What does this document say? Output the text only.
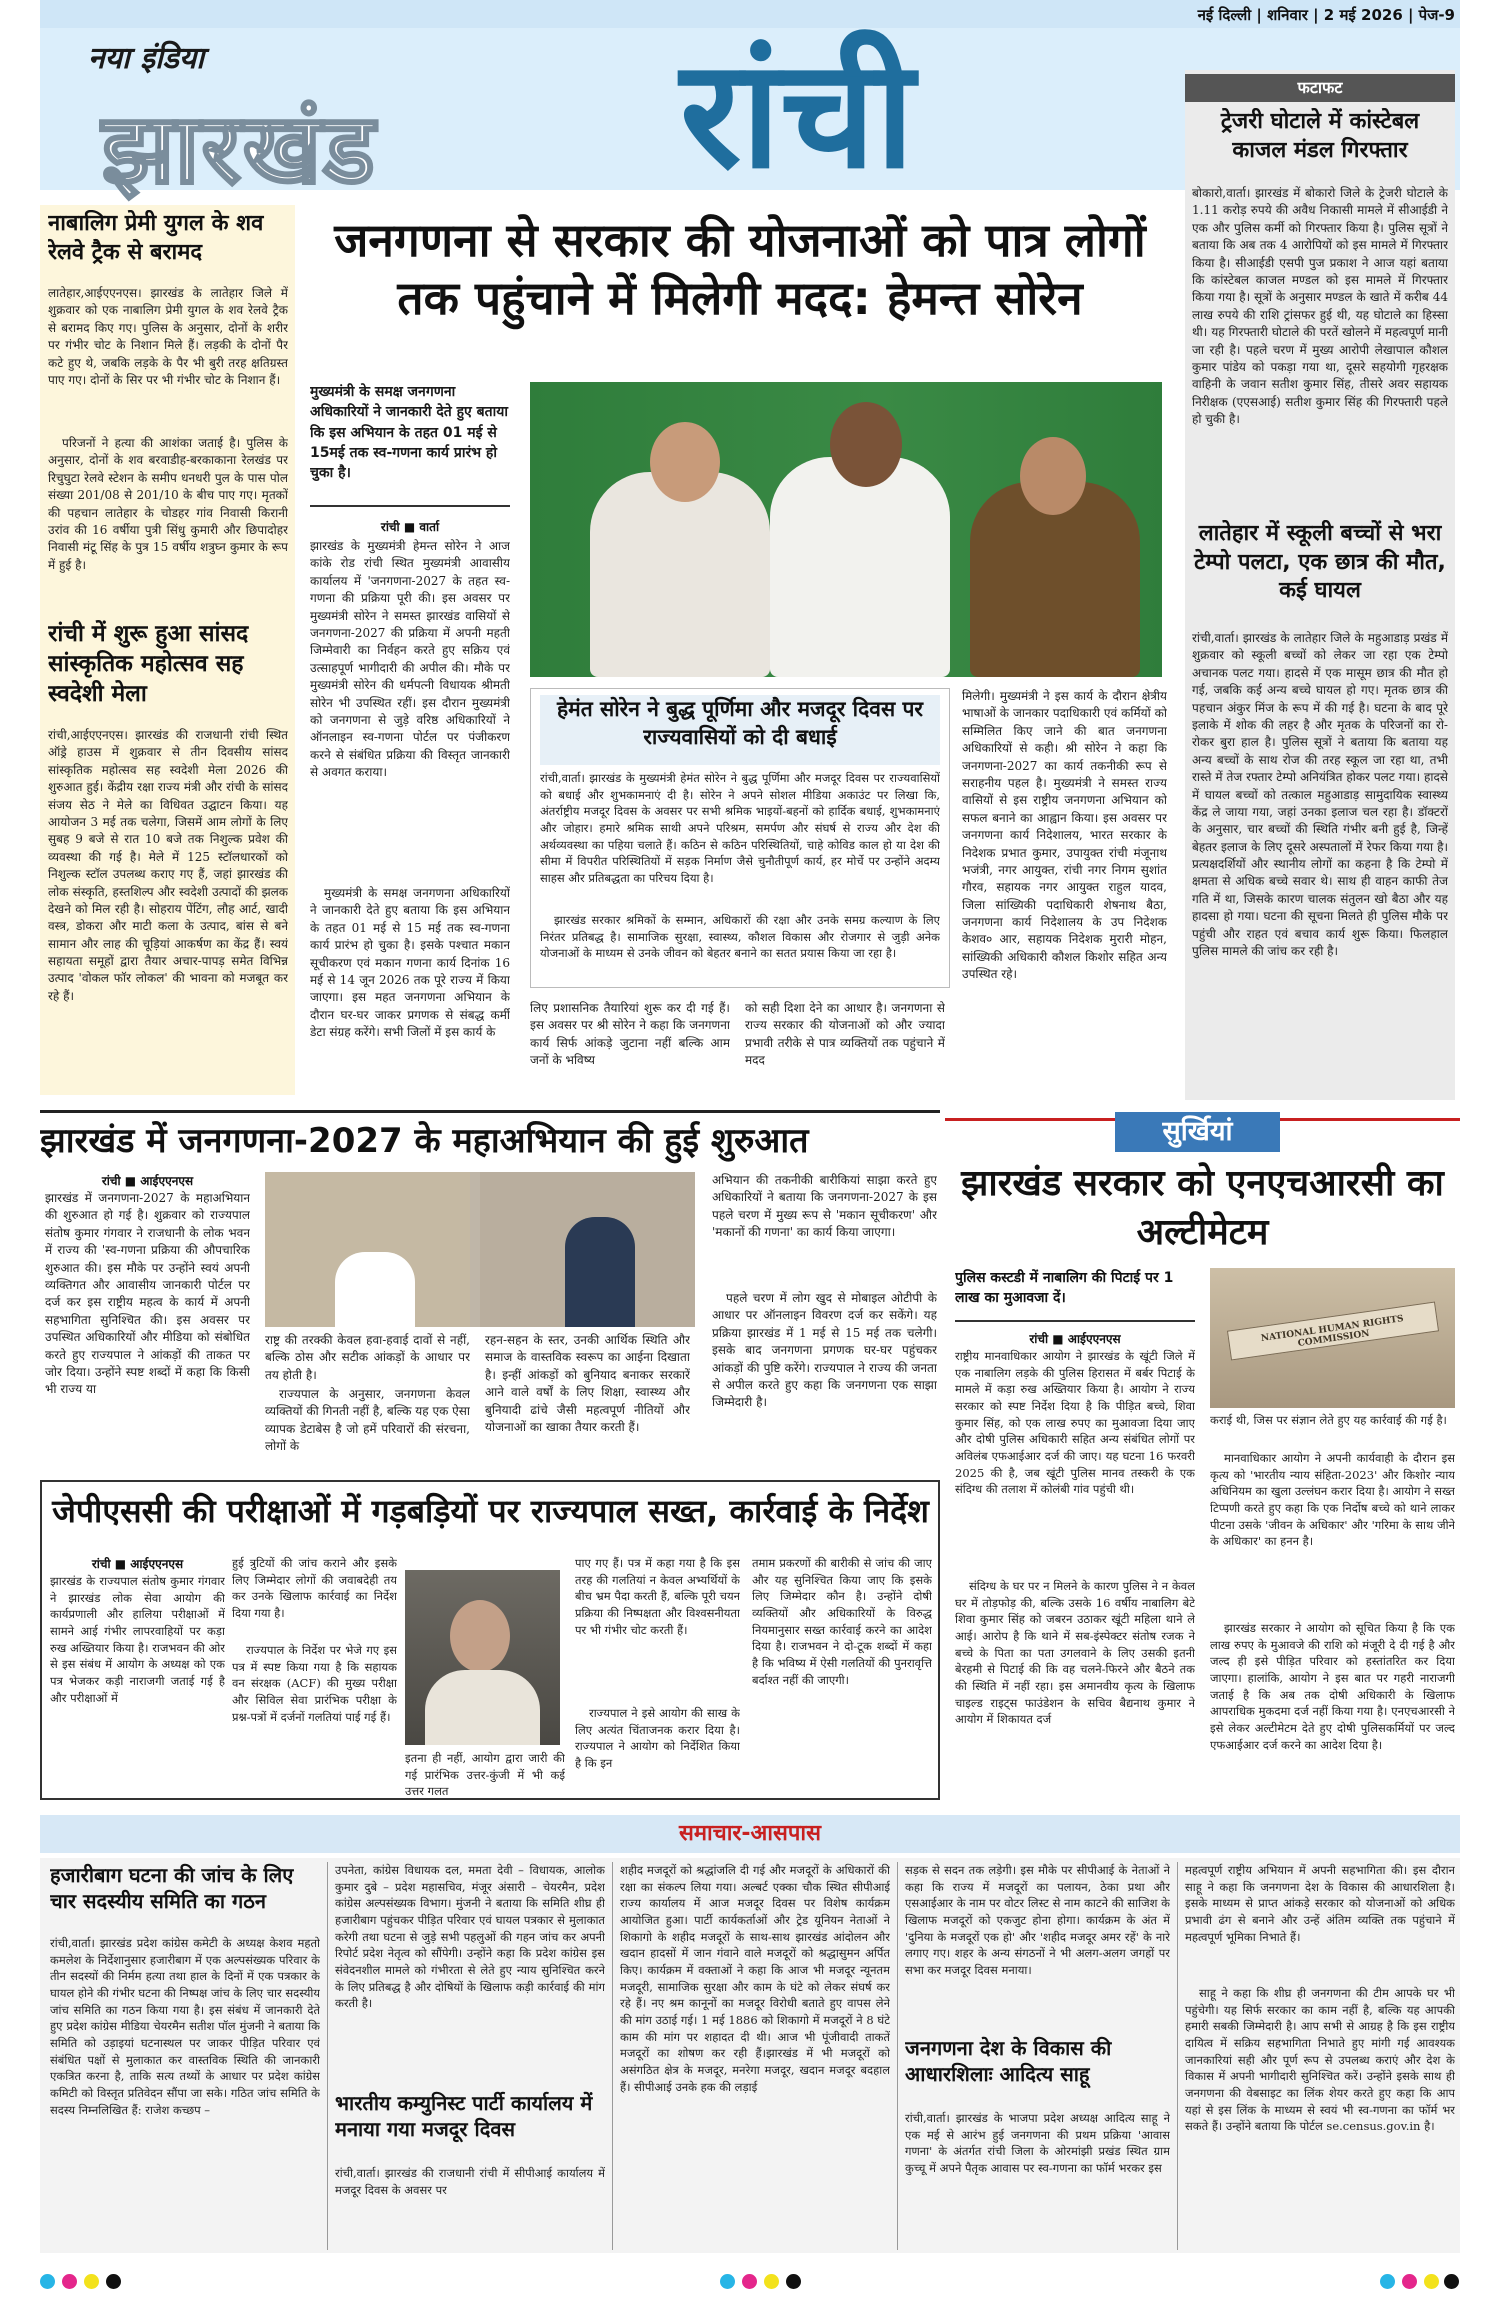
नई दिल्ली | शनिवार | 2 मई 2026 | पेज-9
नया इंडिया
झारखंड रांची	फटाफट
ट्रेजरी घोटाले में कांस्टेबल काजल मंडल गिरफ्तार
बोकारो,वार्ता। झारखंड में बोकारो जिले के ट्रेजरी घोटाले के 1.11 करोड़ रुपये की अवैध निकासी मामले में सीआईडी ने एक और पुलिस कर्मी को गिरफ्तार किया है। पुलिस सूत्रों ने बताया कि अब तक 4 आरोपियों को इस मामले में गिरफ्तार किया है। सीआईडी एसपी पुज प्रकाश ने आज यहां बताया कि कांस्टेबल काजल मण्डल को इस मामले में गिरफ्तार किया गया है। सूत्रों के अनुसार मण्डल के खाते में करीब 44 लाख रुपये की राशि ट्रांसफर हुई थी, यह घोटाले का हिस्सा थी। यह गिरफ्तारी घोटाले की परतें खोलने में महत्वपूर्ण मानी जा रही है। पहले चरण में मुख्य आरोपी लेखापाल कौशल कुमार पांडेय को पकड़ा गया था, दूसरे सहयोगी गृहरक्षक वाहिनी के जवान सतीश कुमार सिंह, तीसरे अवर सहायक निरीक्षक (एएसआई) सतीश कुमार सिंह की गिरफ्तारी पहले हो चुकी है।
लातेहार में स्कूली बच्चों से भरा टेम्पो पलटा, एक छात्र की मौत, कई घायल
रांची,वार्ता। झारखंड के लातेहार जिले के महुआडाड़ प्रखंड में शुक्रवार को स्कूली बच्चों को लेकर जा रहा एक टेम्पो अचानक पलट गया। हादसे में एक मासूम छात्र की मौत हो गई, जबकि कई अन्य बच्चे घायल हो गए। मृतक छात्र की पहचान अंकुर मिंज के रूप में की गई है। घटना के बाद पूरे इलाके में शोक की लहर है और मृतक के परिजनों का रो-रोकर बुरा हाल है। पुलिस सूत्रों ने बताया कि बताया यह अन्य बच्चों के साथ रोज की तरह स्कूल जा रहा था, तभी रास्ते में तेज रफ्तार टेम्पो अनियंत्रित होकर पलट गया। हादसे में घायल बच्चों को तत्काल महुआडाड़ सामुदायिक स्वास्थ्य केंद्र ले जाया गया, जहां उनका इलाज चल रहा है। डॉक्टरों के अनुसार, चार बच्चों की स्थिति गंभीर बनी हुई है, जिन्हें बेहतर इलाज के लिए दूसरे अस्पतालों में रेफर किया गया है। प्रत्यक्षदर्शियों और स्थानीय लोगों का कहना है कि टेम्पो में क्षमता से अधिक बच्चे सवार थे। साथ ही वाहन काफी तेज गति में था, जिसके कारण चालक संतुलन खो बैठा और यह हादसा हो गया। घटना की सूचना मिलते ही पुलिस मौके पर पहुंची और राहत एवं बचाव कार्य शुरू किया। फिलहाल पुलिस मामले की जांच कर रही है।
नाबालिग प्रेमी युगल के शव रेलवे ट्रैक से बरामद
लातेहार,आईएएनएस। झारखंड के लातेहार जिले में शुक्रवार को एक नाबालिग प्रेमी युगल के शव रेलवे ट्रैक से बरामद किए गए। पुलिस के अनुसार, दोनों के शरीर पर गंभीर चोट के निशान मिले हैं। लड़की के दोनों पैर कटे हुए थे, जबकि लड़के के पैर भी बुरी तरह क्षतिग्रस्त पाए गए। दोनों के सिर पर भी गंभीर चोट के निशान हैं।
परिजनों ने हत्या की आशंका जताई है। पुलिस के अनुसार, दोनों के शव बरवाडीह-बरकाकाना रेलखंड पर रिचुघुटा रेलवे स्टेशन के समीप धनधरी पुल के पास पोल संख्या 201/08 से 201/10 के बीच पाए गए। मृतकों की पहचान लातेहार के चोडहर गांव निवासी किरानी उरांव की 16 वर्षीया पुत्री सिंधु कुमारी और छिपादोहर निवासी मंटू सिंह के पुत्र 15 वर्षीय शत्रुघ्न कुमार के रूप में हुई है।
रांची में शुरू हुआ सांसद सांस्कृतिक महोत्सव सह स्वदेशी मेला
रांची,आईएएनएस। झारखंड की राजधानी रांची स्थित ऑड्रे हाउस में शुक्रवार से तीन दिवसीय सांसद सांस्कृतिक महोत्सव सह स्वदेशी मेला 2026 की शुरुआत हुई। केंद्रीय रक्षा राज्य मंत्री और रांची के सांसद संजय सेठ ने मेले का विधिवत उद्घाटन किया। यह आयोजन 3 मई तक चलेगा, जिसमें आम लोगों के लिए सुबह 9 बजे से रात 10 बजे तक निशुल्क प्रवेश की व्यवस्था की गई है। मेले में 125 स्टॉलधारकों को निशुल्क स्टॉल उपलब्ध कराए गए हैं, जहां झारखंड की लोक संस्कृति, हस्तशिल्प और स्वदेशी उत्पादों की झलक देखने को मिल रही है। सोहराय पेंटिंग, लौह आर्ट, खादी वस्त्र, डोकरा और माटी कला के उत्पाद, बांस से बने सामान और लाह की चूड़ियां आकर्षण का केंद्र हैं। स्वयं सहायता समूहों द्वारा तैयार अचार-पापड़ समेत विभिन्न उत्पाद 'वोकल फॉर लोकल' की भावना को मजबूत कर रहे हैं।
जनगणना से सरकार की योजनाओं को पात्र लोगों तक पहुंचाने में मिलेगी मदद: हेमन्त सोरेन
मुख्यमंत्री के समक्ष जनगणना अधिकारियों ने जानकारी देते हुए बताया कि इस अभियान के तहत 01 मई से 15मई तक स्व-गणना कार्य प्रारंभ हो चुका है।
रांची ■ वार्ता
झारखंड के मुख्यमंत्री हेमन्त सोरेन ने आज कांके रोड रांची स्थित मुख्यमंत्री आवासीय कार्यालय में 'जनगणना-2027 के तहत स्व-गणना की प्रक्रिया पूरी की। इस अवसर पर मुख्यमंत्री सोरेन ने समस्त झारखंड वासियों से जनगणना-2027 की प्रक्रिया में अपनी महती जिम्मेवारी का निर्वहन करते हुए सक्रिय एवं उत्साहपूर्ण भागीदारी की अपील की। मौके पर मुख्यमंत्री सोरेन की धर्मपत्नी विधायक श्रीमती सोरेन भी उपस्थित रहीं। इस दौरान मुख्यमंत्री को जनगणना से जुड़े वरिष्ठ अधिकारियों ने ऑनलाइन स्व-गणना पोर्टल पर पंजीकरण करने से संबंधित प्रक्रिया की विस्तृत जानकारी से अवगत कराया।
मुख्यमंत्री के समक्ष जनगणना अधिकारियों ने जानकारी देते हुए बताया कि इस अभियान के तहत 01 मई से 15 मई तक स्व-गणना कार्य प्रारंभ हो चुका है। इसके पश्चात मकान सूचीकरण एवं मकान गणना कार्य दिनांक 16 मई से 14 जून 2026 तक पूरे राज्य में किया जाएगा। इस महत जनगणना अभियान के दौरान घर-घर जाकर प्रगणक से संबद्ध कर्मी डेटा संग्रह करेंगे। सभी जिलों में इस कार्य के
हेमंत सोरेन ने बुद्ध पूर्णिमा और मजदूर दिवस पर राज्यवासियों को दी बधाई
रांची,वार्ता। झारखंड के मुख्यमंत्री हेमंत सोरेन ने बुद्ध पूर्णिमा और मजदूर दिवस पर राज्यवासियों को बधाई और शुभकामनाएं दी है। सोरेन ने अपने सोशल मीडिया अकाउंट पर लिखा कि, अंतर्राष्ट्रीय मजदूर दिवस के अवसर पर सभी श्रमिक भाइयों-बहनों को हार्दिक बधाई, शुभकामनाएं और जोहार। हमारे श्रमिक साथी अपने परिश्रम, समर्पण और संघर्ष से राज्य और देश की अर्थव्यवस्था का पहिया चलाते हैं। कठिन से कठिन परिस्थितियों, चाहे कोविड काल हो या देश की सीमा में विपरीत परिस्थितियों में सड़क निर्माण जैसे चुनौतीपूर्ण कार्य, हर मोर्चे पर उन्होंने अदम्य साहस और प्रतिबद्धता का परिचय दिया है।
झारखंड सरकार श्रमिकों के सम्मान, अधिकारों की रक्षा और उनके समग्र कल्याण के लिए निरंतर प्रतिबद्ध है। सामाजिक सुरक्षा, स्वास्थ्य, कौशल विकास और रोजगार से जुड़ी अनेक योजनाओं के माध्यम से उनके जीवन को बेहतर बनाने का सतत प्रयास किया जा रहा है।
लिए प्रशासनिक तैयारियां शुरू कर दी गई हैं। इस अवसर पर श्री सोरेन ने कहा कि जनगणना कार्य सिर्फ आंकड़े जुटाना नहीं बल्कि आम जनों के भविष्य
को सही दिशा देने का आधार है। जनगणना से राज्य सरकार की योजनाओं को और ज्यादा प्रभावी तरीके से पात्र व्यक्तियों तक पहुंचाने में मदद
मिलेगी। मुख्यमंत्री ने इस कार्य के दौरान क्षेत्रीय भाषाओं के जानकार पदाधिकारी एवं कर्मियों को सम्मिलित किए जाने की बात जनगणना अधिकारियों से कही। श्री सोरेन ने कहा कि जनगणना-2027 का कार्य तकनीकी रूप से सराहनीय पहल है। मुख्यमंत्री ने समस्त राज्य वासियों से इस राष्ट्रीय जनगणना अभियान को सफल बनाने का आह्वान किया। इस अवसर पर जनगणना कार्य निदेशालय, भारत सरकार के निदेशक प्रभात कुमार, उपायुक्त रांची मंजूनाथ भजंत्री, नगर आयुक्त, रांची नगर निगम सुशांत गौरव, सहायक नगर आयुक्त राहुल यादव, जिला सांख्यिकी पदाधिकारी शेषनाथ बैठा, जनगणना कार्य निदेशालय के उप निदेशक केशव० आर, सहायक निदेशक मुरारी मोहन, सांख्यिकी अधिकारी कौशल किशोर सहित अन्य उपस्थित रहे।
झारखंड में जनगणना-2027 के महाअभियान की हुई शुरुआत
रांची ■ आईएएनएस
झारखंड में जनगणना-2027 के महाअभियान की शुरुआत हो गई है। शुक्रवार को राज्यपाल संतोष कुमार गंगवार ने राजधानी के लोक भवन में राज्य की 'स्व-गणना प्रक्रिया की औपचारिक शुरुआत की। इस मौके पर उन्होंने स्वयं अपनी व्यक्तिगत और आवासीय जानकारी पोर्टल पर दर्ज कर इस राष्ट्रीय महत्व के कार्य में अपनी सहभागिता सुनिश्चित की। इस अवसर पर उपस्थित अधिकारियों और मीडिया को संबोधित करते हुए राज्यपाल ने आंकड़ों की ताकत पर जोर दिया। उन्होंने स्पष्ट शब्दों में कहा कि किसी भी राज्य या
राष्ट्र की तरक्की केवल हवा-हवाई दावों से नहीं, बल्कि ठोस और सटीक आंकड़ों के आधार पर तय होती है।
राज्यपाल के अनुसार, जनगणना केवल व्यक्तियों की गिनती नहीं है, बल्कि यह एक ऐसा व्यापक डेटाबेस है जो हमें परिवारों की संरचना, लोगों के
रहन-सहन के स्तर, उनकी आर्थिक स्थिति और समाज के वास्तविक स्वरूप का आईना दिखाता है। इन्हीं आंकड़ों को बुनियाद बनाकर सरकारें आने वाले वर्षों के लिए शिक्षा, स्वास्थ्य और बुनियादी ढांचे जैसी महत्वपूर्ण नीतियों और योजनाओं का खाका तैयार करती हैं।
अभियान की तकनीकी बारीकियां साझा करते हुए अधिकारियों ने बताया कि जनगणना-2027 के इस पहले चरण में मुख्य रूप से 'मकान सूचीकरण' और 'मकानों की गणना' का कार्य किया जाएगा।
पहले चरण में लोग खुद से मोबाइल ओटीपी के आधार पर ऑनलाइन विवरण दर्ज कर सकेंगे। यह प्रक्रिया झारखंड में 1 मई से 15 मई तक चलेगी। इसके बाद जनगणना प्रगणक घर-घर पहुंचकर आंकड़ों की पुष्टि करेंगे। राज्यपाल ने राज्य की जनता से अपील करते हुए कहा कि जनगणना एक साझा जिम्मेदारी है।
जेपीएससी की परीक्षाओं में गड़बड़ियों पर राज्यपाल सख्त, कार्रवाई के निर्देश
रांची ■ आईएएनएस
झारखंड के राज्यपाल संतोष कुमार गंगवार ने झारखंड लोक सेवा आयोग की कार्यप्रणाली और हालिया परीक्षाओं में सामने आई गंभीर लापरवाहियों पर कड़ा रुख अख्तियार किया है। राजभवन की ओर से इस संबंध में आयोग के अध्यक्ष को एक पत्र भेजकर कड़ी नाराजगी जताई गई है और परीक्षाओं में
हुई त्रुटियों की जांच कराने और इसके लिए जिम्मेदार लोगों की जवाबदेही तय कर उनके खिलाफ कार्रवाई का निर्देश दिया गया है।
राज्यपाल के निर्देश पर भेजे गए इस पत्र में स्पष्ट किया गया है कि सहायक वन संरक्षक (ACF) की मुख्य परीक्षा और सिविल सेवा प्रारंभिक परीक्षा के प्रश्न-पत्रों में दर्जनों गलतियां पाई गई हैं।
इतना ही नहीं, आयोग द्वारा जारी की गई प्रारंभिक उत्तर-कुंजी में भी कई उत्तर गलत
पाए गए हैं। पत्र में कहा गया है कि इस तरह की गलतियां न केवल अभ्यर्थियों के बीच भ्रम पैदा करती हैं, बल्कि पूरी चयन प्रक्रिया की निष्पक्षता और विश्वसनीयता पर भी गंभीर चोट करती हैं।
राज्यपाल ने इसे आयोग की साख के लिए अत्यंत चिंताजनक करार दिया है। राज्यपाल ने आयोग को निर्देशित किया है कि इन
तमाम प्रकरणों की बारीकी से जांच की जाए और यह सुनिश्चित किया जाए कि इसके लिए जिम्मेदार कौन है। उन्होंने दोषी व्यक्तियों और अधिकारियों के विरुद्ध नियमानुसार सख्त कार्रवाई करने का आदेश दिया है। राजभवन ने दो-टूक शब्दों में कहा है कि भविष्य में ऐसी गलतियों की पुनरावृत्ति बर्दाश्त नहीं की जाएगी।
सुर्खियां
झारखंड सरकार को एनएचआरसी का अल्टीमेटम
पुलिस कस्टडी में नाबालिग की पिटाई पर 1 लाख का मुआवजा दें।
रांची ■ आईएएनएस
राष्ट्रीय मानवाधिकार आयोग ने झारखंड के खूंटी जिले में एक नाबालिग लड़के की पुलिस हिरासत में बर्बर पिटाई के मामले में कड़ा रुख अख्तियार किया है। आयोग ने राज्य सरकार को स्पष्ट निर्देश दिया है कि पीड़ित बच्चे, शिवा कुमार सिंह, को एक लाख रुपए का मुआवजा दिया जाए और दोषी पुलिस अधिकारी सहित अन्य संबंधित लोगों पर अविलंब एफआईआर दर्ज की जाए। यह घटना 16 फरवरी 2025 की है, जब खूंटी पुलिस मानव तस्करी के एक संदिग्ध की तलाश में कोलंबी गांव पहुंची थी।
संदिग्ध के घर पर न मिलने के कारण पुलिस ने न केवल घर में तोड़फोड़ की, बल्कि उसके 16 वर्षीय नाबालिग बेटे शिवा कुमार सिंह को जबरन उठाकर खूंटी महिला थाने ले आई। आरोप है कि थाने में सब-इंस्पेक्टर संतोष रजक ने बच्चे के पिता का पता उगलवाने के लिए उसकी इतनी बेरहमी से पिटाई की कि वह चलने-फिरने और बैठने तक की स्थिति में नहीं रहा। इस अमानवीय कृत्य के खिलाफ चाइल्ड राइट्स फाउंडेशन के सचिव बैद्यनाथ कुमार ने आयोग में शिकायत दर्ज
NATIONAL HUMAN RIGHTS COMMISSION
कराई थी, जिस पर संज्ञान लेते हुए यह कार्रवाई की गई है।
मानवाधिकार आयोग ने अपनी कार्यवाही के दौरान इस कृत्य को 'भारतीय न्याय संहिता-2023' और किशोर न्याय अधिनियम का खुला उल्लंघन करार दिया है। आयोग ने सख्त टिप्पणी करते हुए कहा कि एक निर्दोष बच्चे को थाने लाकर पीटना उसके 'जीवन के अधिकार' और 'गरिमा के साथ जीने के अधिकार' का हनन है।
झारखंड सरकार ने आयोग को सूचित किया है कि एक लाख रुपए के मुआवजे की राशि को मंजूरी दे दी गई है और जल्द ही इसे पीड़ित परिवार को हस्तांतरित कर दिया जाएगा। हालांकि, आयोग ने इस बात पर गहरी नाराजगी जताई है कि अब तक दोषी अधिकारी के खिलाफ आपराधिक मुकदमा दर्ज नहीं किया गया है। एनएचआरसी ने इसे लेकर अल्टीमेटम देते हुए दोषी पुलिसकर्मियों पर जल्द एफआईआर दर्ज करने का आदेश दिया है।
समाचार-आसपास
हजारीबाग घटना की जांच के लिए चार सदस्यीय समिति का गठन
रांची,वार्ता। झारखंड प्रदेश कांग्रेस कमेटी के अध्यक्ष केशव महतो कमलेश के निर्देशानुसार हजारीबाग में एक अल्पसंख्यक परिवार के तीन सदस्यों की निर्मम हत्या तथा हाल के दिनों में एक पत्रकार के घायल होने की गंभीर घटना की निष्पक्ष जांच के लिए चार सदस्यीय जांच समिति का गठन किया गया है। इस संबंध में जानकारी देते हुए प्रदेश कांग्रेस मीडिया चेयरमैन सतीश पॉल मुंजनी ने बताया कि समिति को उड़ाइयां घटनास्थल पर जाकर पीड़ित परिवार एवं संबंधित पक्षों से मुलाकात कर वास्तविक स्थिति की जानकारी एकत्रित करना है, ताकि सत्य तथ्यों के आधार पर प्रदेश कांग्रेस कमिटी को विस्तृत प्रतिवेदन सौंपा जा सके। गठित जांच समिति के सदस्य निम्नलिखित हैं: राजेश कच्छप –
उपनेता, कांग्रेस विधायक दल, ममता देवी – विधायक, आलोक कुमार दुबे – प्रदेश महासचिव, मंजूर अंसारी – चेयरमैन, प्रदेश कांग्रेस अल्पसंख्यक विभाग। मुंजनी ने बताया कि समिति शीघ्र ही हजारीबाग पहुंचकर पीड़ित परिवार एवं घायल पत्रकार से मुलाकात करेगी तथा घटना से जुड़े सभी पहलुओं की गहन जांच कर अपनी रिपोर्ट प्रदेश नेतृत्व को सौंपेगी। उन्होंने कहा कि प्रदेश कांग्रेस इस संवेदनशील मामले को गंभीरता से लेते हुए न्याय सुनिश्चित करने के लिए प्रतिबद्ध है और दोषियों के खिलाफ कड़ी कार्रवाई की मांग करती है।
भारतीय कम्युनिस्ट पार्टी कार्यालय में मनाया गया मजदूर दिवस
रांची,वार्ता। झारखंड की राजधानी रांची में सीपीआई कार्यालय में मजदूर दिवस के अवसर पर
शहीद मजदूरों को श्रद्धांजलि दी गई और मजदूरों के अधिकारों की रक्षा का संकल्प लिया गया। अल्बर्ट एक्का चौक स्थित सीपीआई राज्य कार्यालय में आज मजदूर दिवस पर विशेष कार्यक्रम आयोजित हुआ। पार्टी कार्यकर्ताओं और ट्रेड यूनियन नेताओं ने शिकागो के शहीद मजदूरों के साथ-साथ झारखंड आंदोलन और खदान हादसों में जान गंवाने वाले मजदूरों को श्रद्धासुमन अर्पित किए। कार्यक्रम में वक्ताओं ने कहा कि आज भी मजदूर न्यूनतम मजदूरी, सामाजिक सुरक्षा और काम के घंटे को लेकर संघर्ष कर रहे हैं। नए श्रम कानूनों का मजदूर विरोधी बताते हुए वापस लेने की मांग उठाई गई। 1 मई 1886 को शिकागो में मजदूरों ने 8 घंटे काम की मांग पर शहादत दी थी। आज भी पूंजीवादी ताकतें मजदूरों का शोषण कर रही हैं।झारखंड में भी मजदूरों को असंगठित क्षेत्र के मजदूर, मनरेगा मजदूर, खदान मजदूर बदहाल हैं। सीपीआई उनके हक की लड़ाई
सड़क से सदन तक लड़ेगी। इस मौके पर सीपीआई के नेताओं ने कहा कि राज्य में मजदूरों का पलायन, ठेका प्रथा और एसआईआर के नाम पर वोटर लिस्ट से नाम काटने की साजिश के खिलाफ मजदूरों को एकजुट होना होगा। कार्यक्रम के अंत में 'दुनिया के मजदूरों एक हो' और 'शहीद मजदूर अमर रहें' के नारे लगाए गए। शहर के अन्य संगठनों ने भी अलग-अलग जगहों पर सभा कर मजदूर दिवस मनाया।
जनगणना देश के विकास की आधारशिलाः आदित्य साहू
रांची,वार्ता। झारखंड के भाजपा प्रदेश अध्यक्ष आदित्य साहू ने एक मई से आरंभ हुई जनगणना की प्रथम प्रक्रिया 'आवास गणना' के अंतर्गत रांची जिला के ओरमांझी प्रखंड स्थित ग्राम कुच्चू में अपने पैतृक आवास पर स्व-गणना का फॉर्म भरकर इस
महत्वपूर्ण राष्ट्रीय अभियान में अपनी सहभागिता की। इस दौरान साहू ने कहा कि जनगणना देश के विकास की आधारशिला है। इसके माध्यम से प्राप्त आंकड़े सरकार को योजनाओं को अधिक प्रभावी ढंग से बनाने और उन्हें अंतिम व्यक्ति तक पहुंचाने में महत्वपूर्ण भूमिका निभाते हैं।
साहू ने कहा कि शीघ्र ही जनगणना की टीम आपके घर भी पहुंचेगी। यह सिर्फ सरकार का काम नहीं है, बल्कि यह आपकी हमारी सबकी जिम्मेदारी है। आप सभी से आग्रह है कि इस राष्ट्रीय दायित्व में सक्रिय सहभागिता निभाते हुए मांगी गई आवश्यक जानकारियां सही और पूर्ण रूप से उपलब्ध कराएं और देश के विकास में अपनी भागीदारी सुनिश्चित करें। उन्होंने इसके साथ ही जनगणना की वेबसाइट का लिंक शेयर करते हुए कहा कि आप यहां से इस लिंक के माध्यम से स्वयं भी स्व-गणना का फॉर्म भर सकते हैं। उन्होंने बताया कि पोर्टल se.census.gov.in है।
